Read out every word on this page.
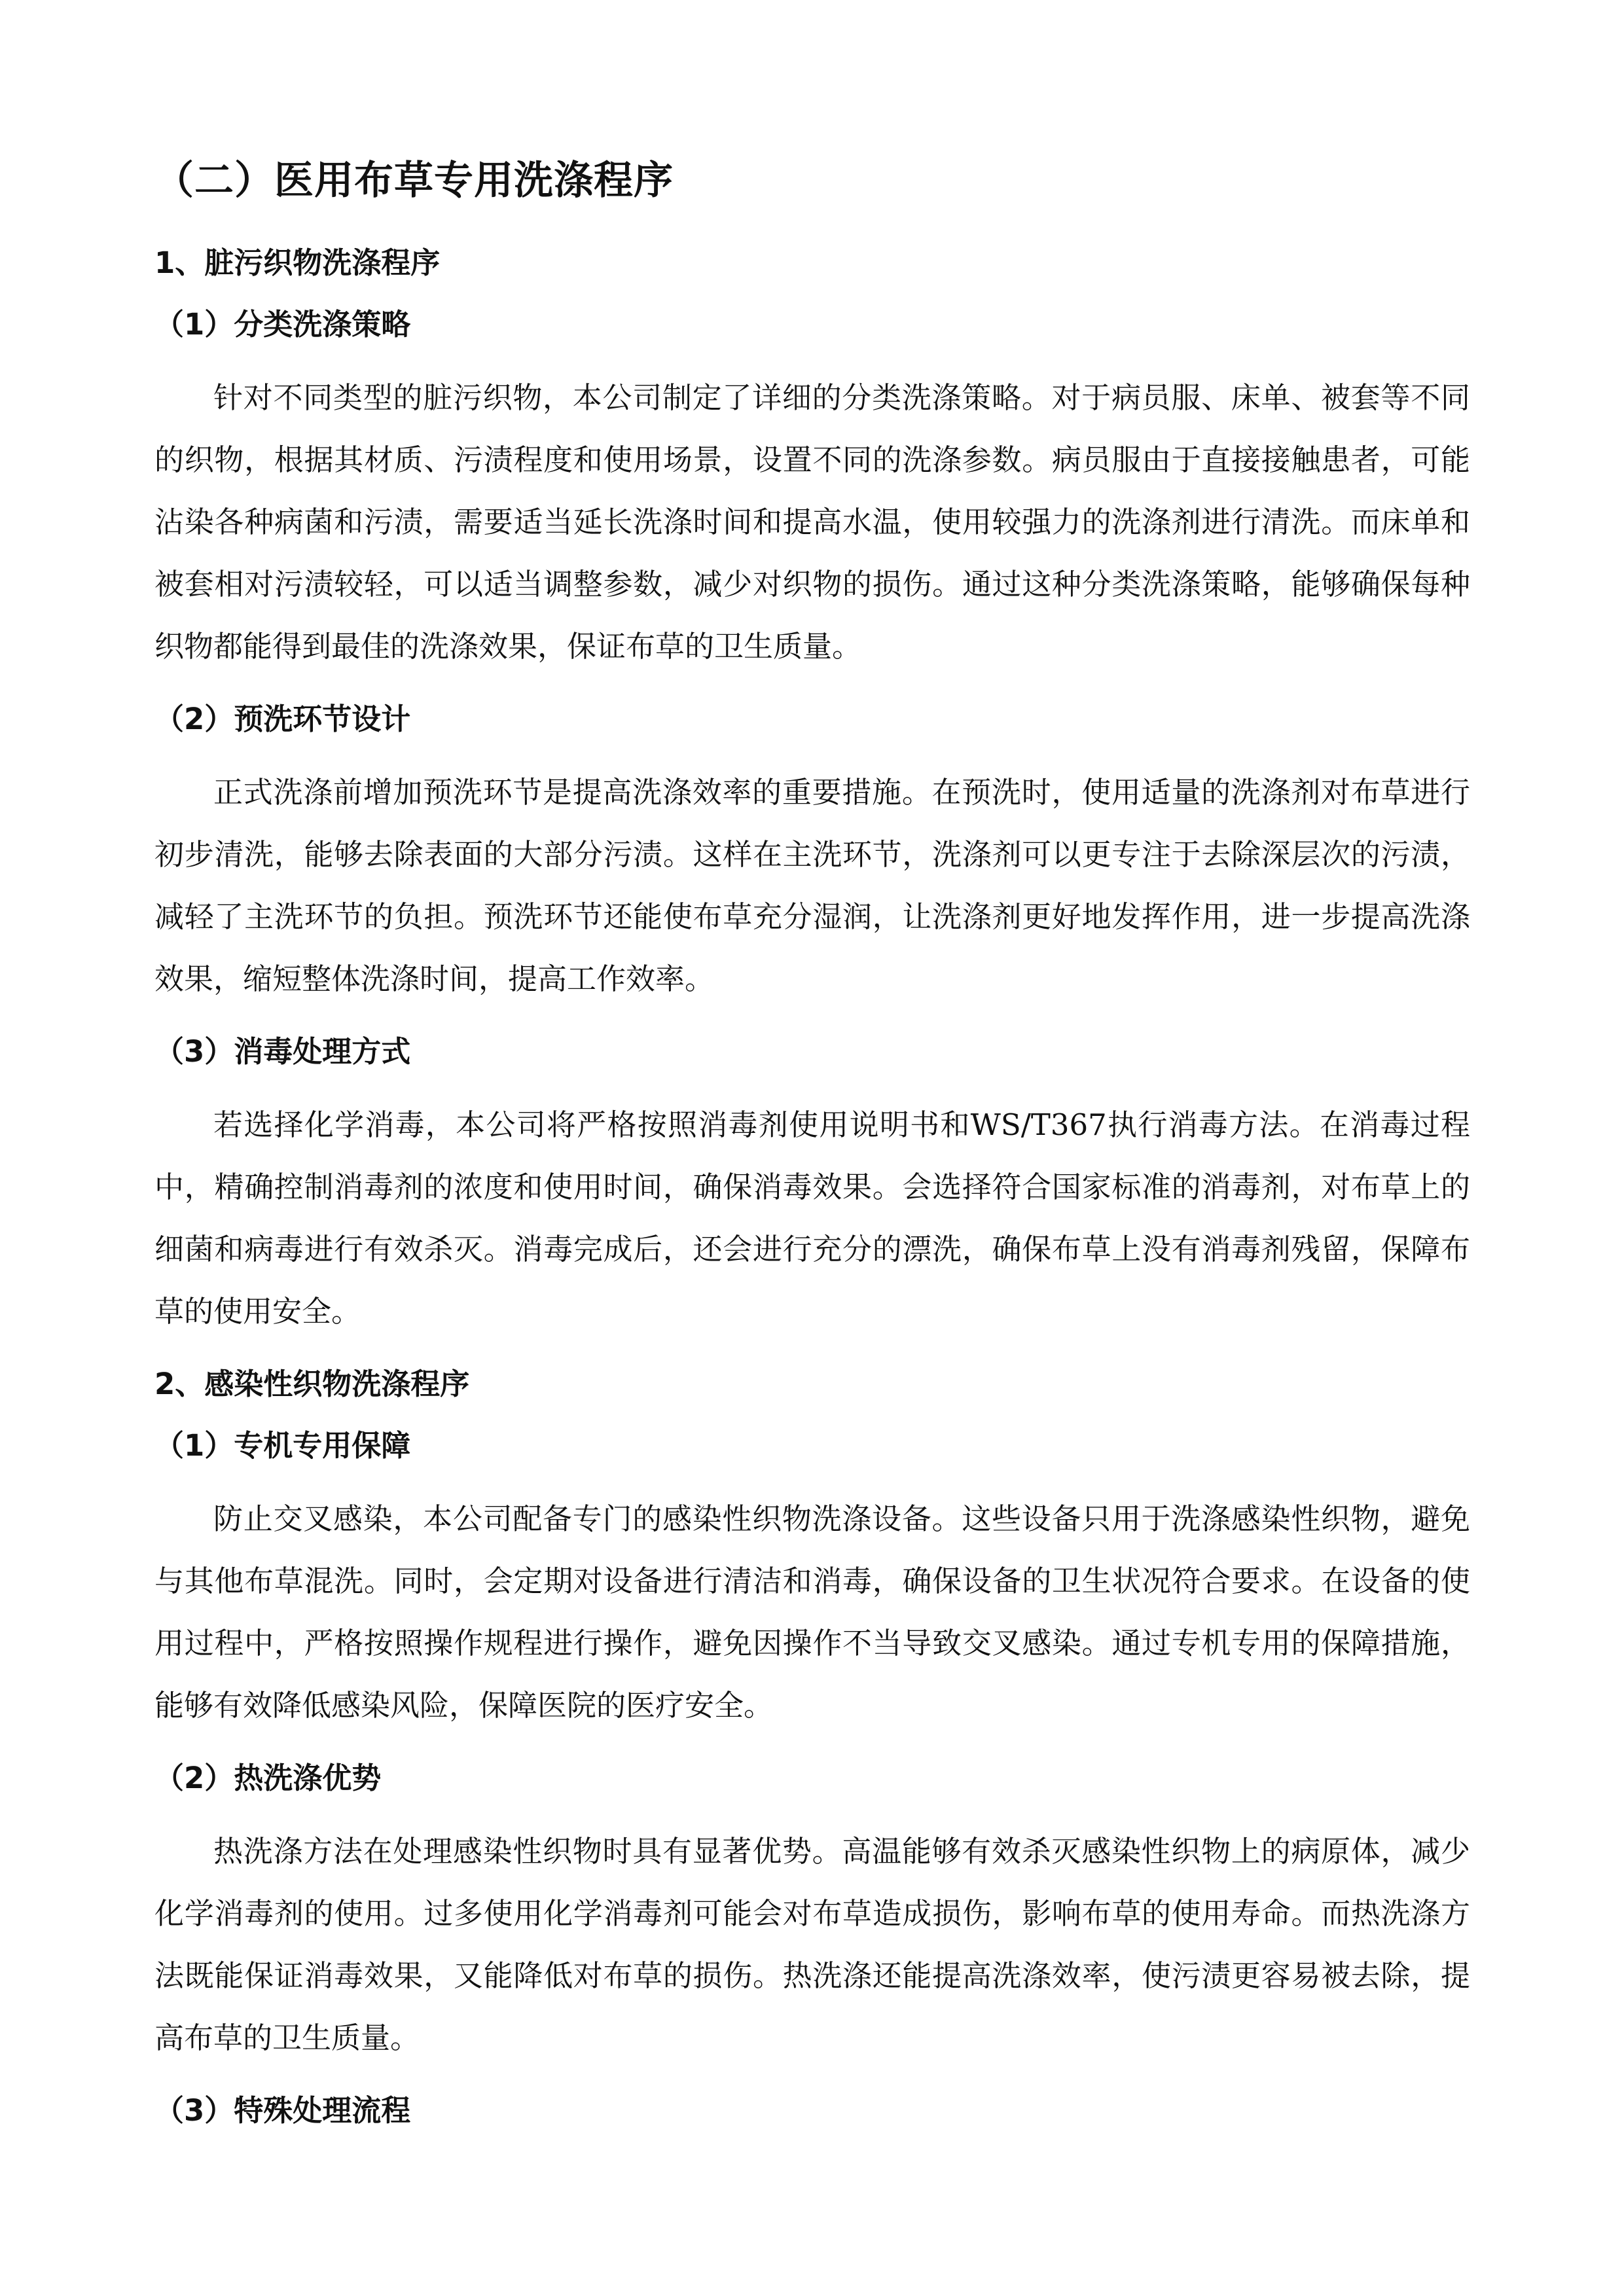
（二）医用布草专用洗涤程序
1、脏污织物洗涤程序
（1）分类洗涤策略

针对不同类型的脏污织物，本公司制定了详细的分类洗涤策略。对于病员服、床单、被套等不同的织物，根据其材质、污渍程度和使用场景，设置不同的洗涤参数。病员服由于直接接触患者，可能沾染各种病菌和污渍，需要适当延长洗涤时间和提高水温，使用较强力的洗涤剂进行清洗。而床单和被套相对污渍较轻，可以适当调整参数，减少对织物的损伤。通过这种分类洗涤策略，能够确保每种织物都能得到最佳的洗涤效果，保证布草的卫生质量。

（2）预洗环节设计

正式洗涤前增加预洗环节是提高洗涤效率的重要措施。在预洗时，使用适量的洗涤剂对布草进行初步清洗，能够去除表面的大部分污渍。这样在主洗环节，洗涤剂可以更专注于去除深层次的污渍，减轻了主洗环节的负担。预洗环节还能使布草充分湿润，让洗涤剂更好地发挥作用，进一步提高洗涤效果，缩短整体洗涤时间，提高工作效率。

（3）消毒处理方式

若选择化学消毒，本公司将严格按照消毒剂使用说明书和WS/T367执行消毒方法。在消毒过程中，精确控制消毒剂的浓度和使用时间，确保消毒效果。会选择符合国家标准的消毒剂，对布草上的细菌和病毒进行有效杀灭。消毒完成后，还会进行充分的漂洗，确保布草上没有消毒剂残留，保障布草的使用安全。

2、感染性织物洗涤程序
（1）专机专用保障

防止交叉感染，本公司配备专门的感染性织物洗涤设备。这些设备只用于洗涤感染性织物，避免与其他布草混洗。同时，会定期对设备进行清洁和消毒，确保设备的卫生状况符合要求。在设备的使用过程中，严格按照操作规程进行操作，避免因操作不当导致交叉感染。通过专机专用的保障措施，能够有效降低感染风险，保障医院的医疗安全。

（2）热洗涤优势

热洗涤方法在处理感染性织物时具有显著优势。高温能够有效杀灭感染性织物上的病原体，减少化学消毒剂的使用。过多使用化学消毒剂可能会对布草造成损伤，影响布草的使用寿命。而热洗涤方法既能保证消毒效果，又能降低对布草的损伤。热洗涤还能提高洗涤效率，使污渍更容易被去除，提高布草的卫生质量。

（3）特殊处理流程
